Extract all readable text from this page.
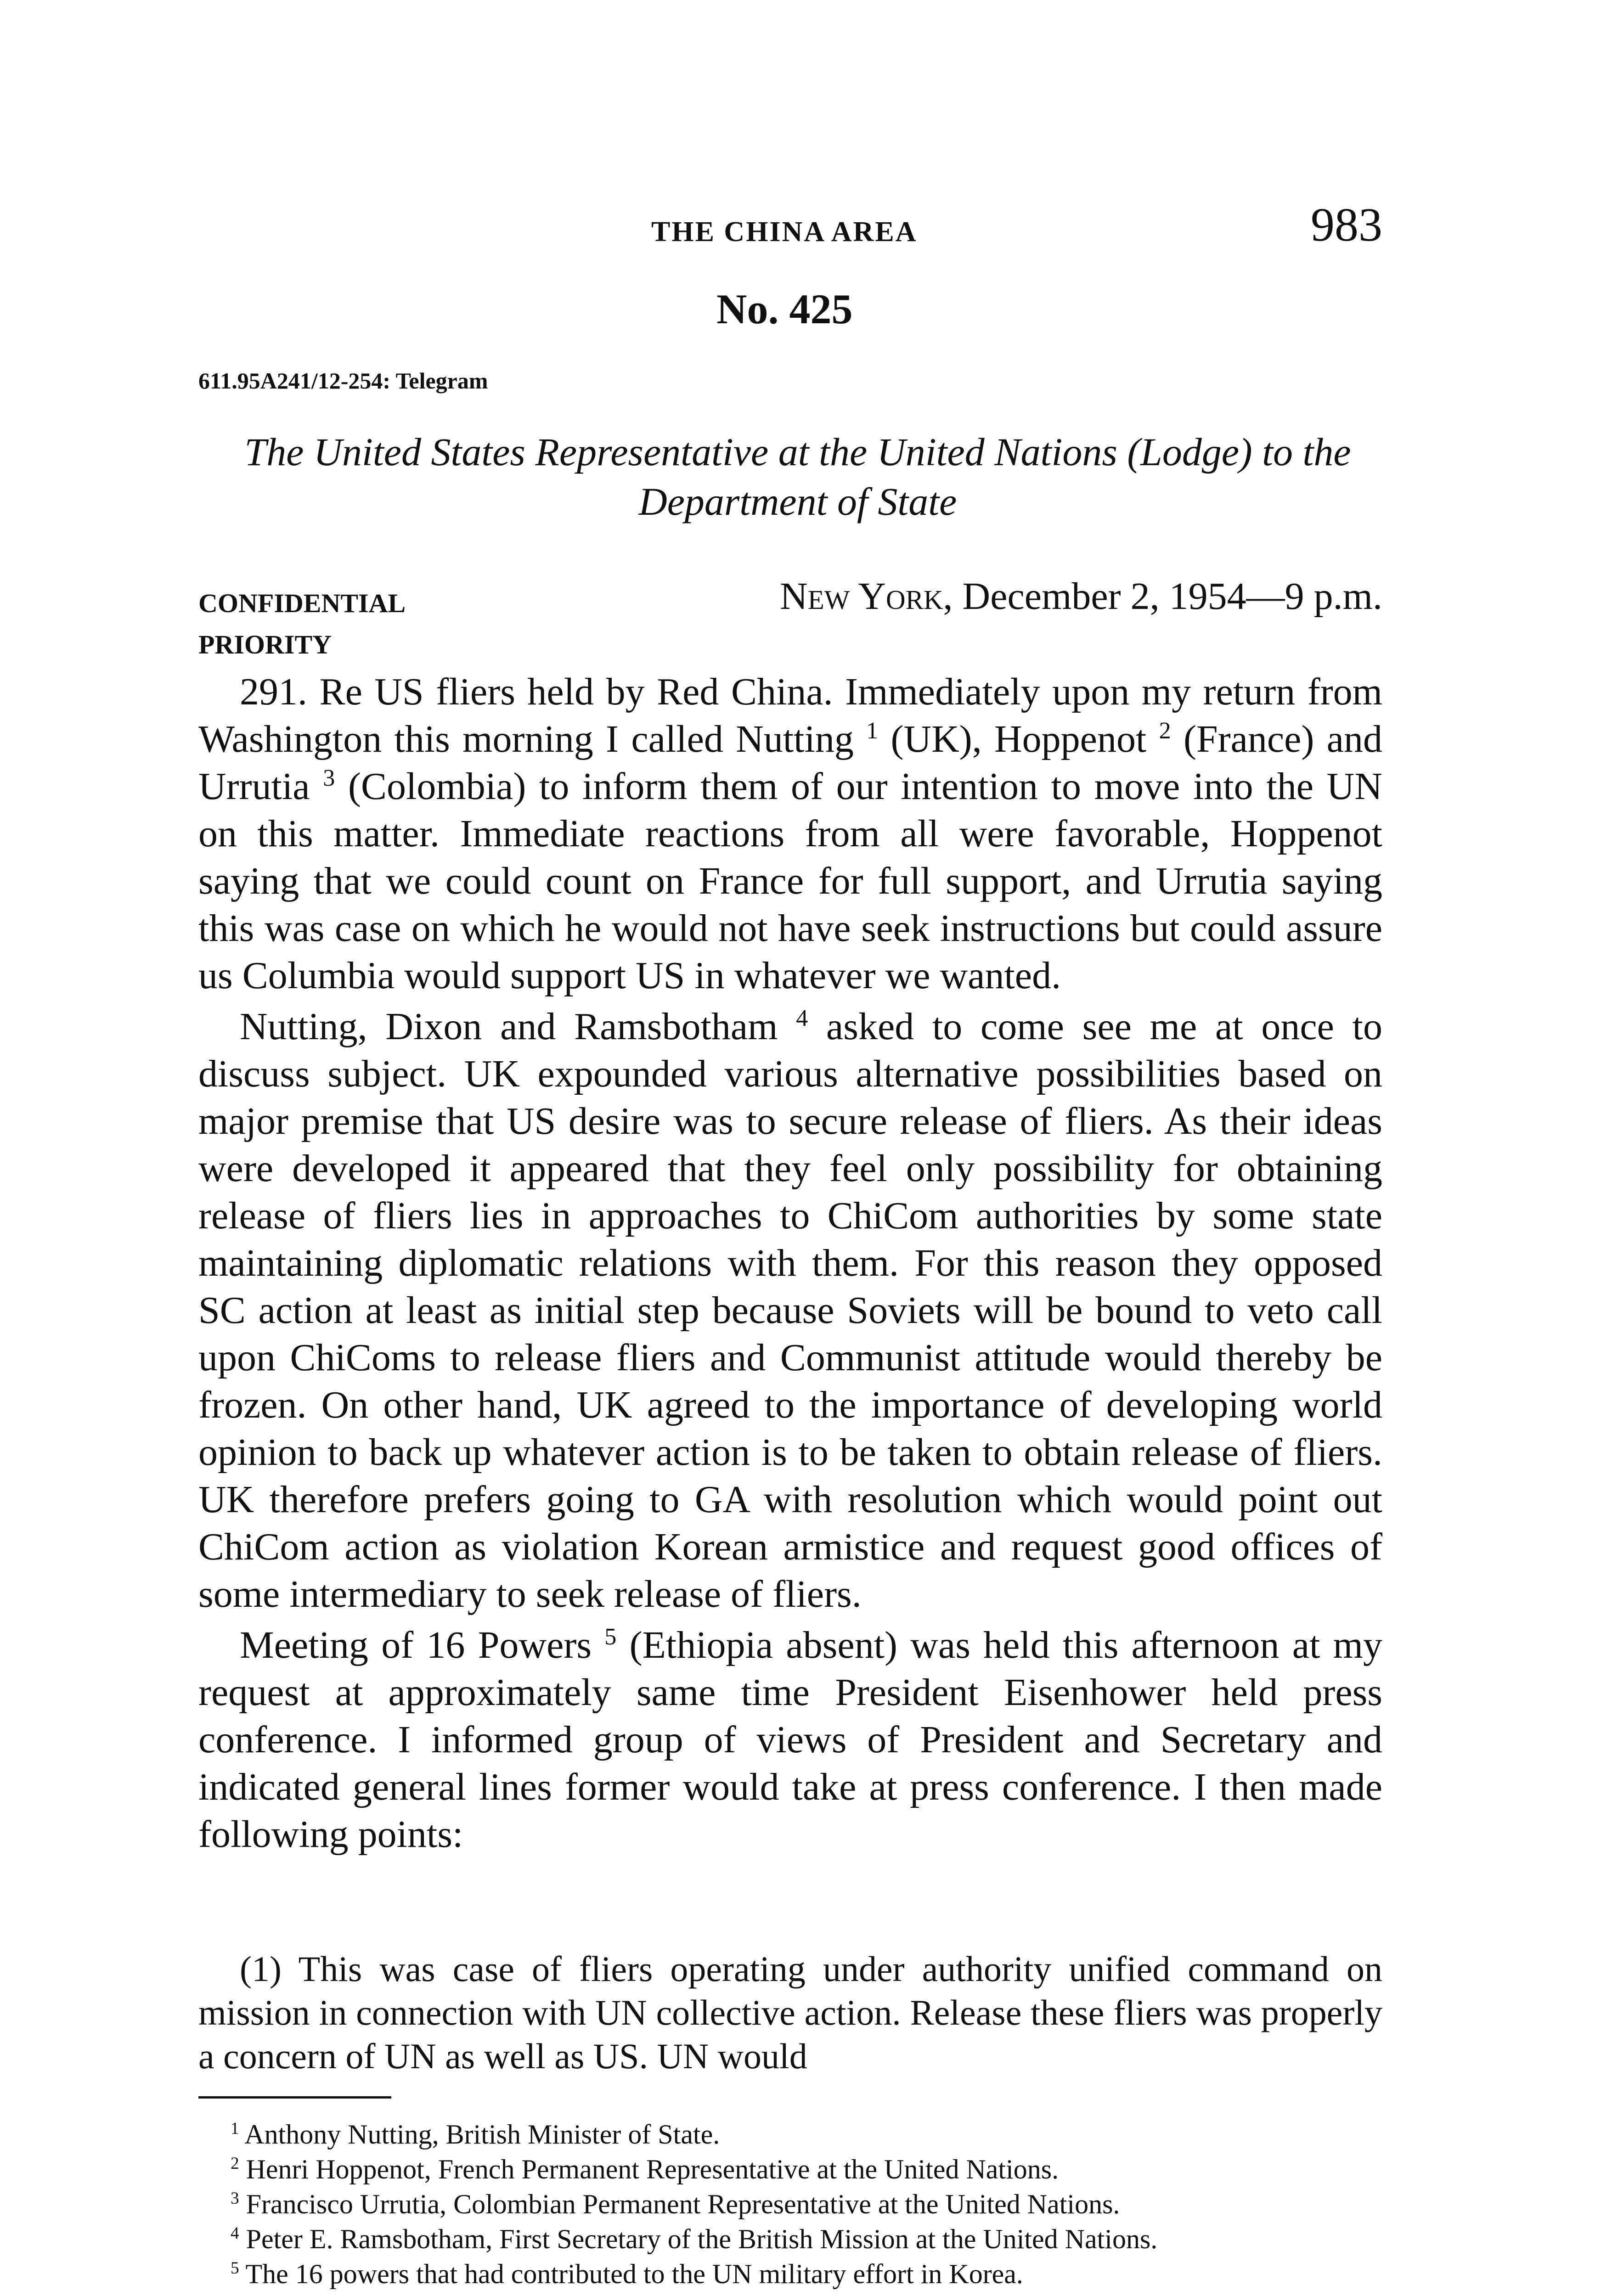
THE CHINA AREA	983
No. 425
611.95A241/12-254: Telegram
The United States Representative at the United Nations (Lodge) to the Department of State
CONFIDENTIAL
PRIORITY
New York, December 2, 1954—9 p.m.

291. Re US fliers held by Red China. Immediately upon my return from Washington this morning I called Nutting $^1$ (UK), Hoppenot $^2$ (France) and Urrutia $^3$ (Colombia) to inform them of our intention to move into the UN on this matter. Immediate reactions from all were favorable, Hoppenot saying that we could count on France for full support, and Urrutia saying this was case on which he would not have seek instructions but could assure us Columbia would support US in whatever we wanted.

Nutting, Dixon and Ramsbotham $^4$ asked to come see me at once to discuss subject. UK expounded various alternative possibilities based on major premise that US desire was to secure release of fliers. As their ideas were developed it appeared that they feel only possibility for obtaining release of fliers lies in approaches to ChiCom authorities by some state maintaining diplomatic relations with them. For this reason they opposed SC action at least as initial step because Soviets will be bound to veto call upon ChiComs to release fliers and Communist attitude would thereby be frozen. On other hand, UK agreed to the importance of developing world opinion to back up whatever action is to be taken to obtain release of fliers. UK therefore prefers going to GA with resolution which would point out ChiCom action as violation Korean armistice and request good offices of some intermediary to seek release of fliers.

Meeting of 16 Powers $^5$ (Ethiopia absent) was held this afternoon at my request at approximately same time President Eisenhower held press conference. I informed group of views of President and Secretary and indicated general lines former would take at press conference. I then made following points:

(1) This was case of fliers operating under authority unified command on mission in connection with UN collective action. Release these fliers was properly a concern of UN as well as US. UN would

$^1$ Anthony Nutting, British Minister of State.

$^2$ Henri Hoppenot, French Permanent Representative at the United Nations.

$^3$ Francisco Urrutia, Colombian Permanent Representative at the United Nations.

$^4$ Peter E. Ramsbotham, First Secretary of the British Mission at the United Nations.

$^5$ The 16 powers that had contributed to the UN military effort in Korea.
